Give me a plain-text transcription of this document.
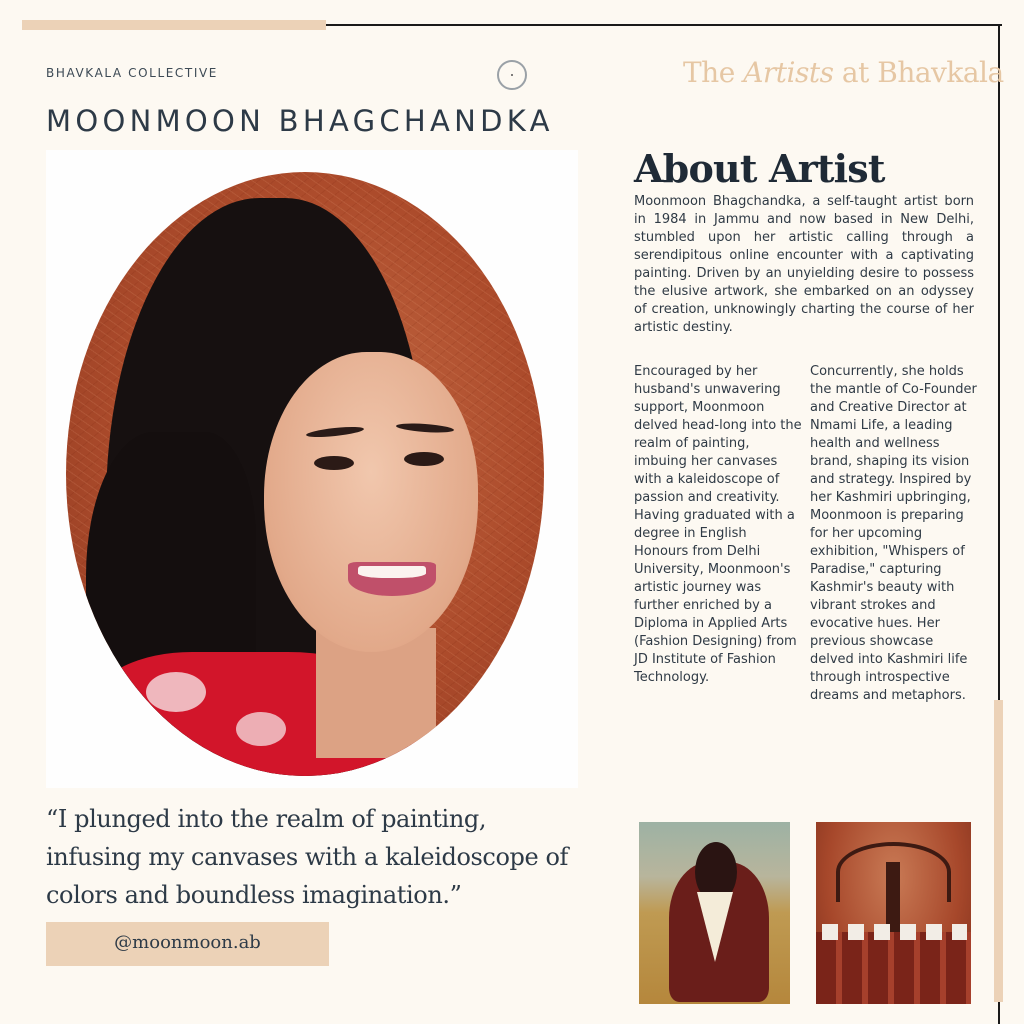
BHAVKALA COLLECTIVE	The Artists at Bhavkala
MOONMOON BHAGCHANDKA

“I plunged into the realm of painting, infusing my canvases with a kaleidoscope of colors and boundless imagination.”

@moonmoon.ab
About Artist

Moonmoon Bhagchandka, a self-taught artist born in 1984 in Jammu and now based in New Delhi, stumbled upon her artistic calling through a serendipitous online encounter with a captivating painting. Driven by an unyielding desire to possess the elusive artwork, she embarked on an odyssey of creation, unknowingly charting the course of her artistic destiny.

Encouraged by her husband's unwavering support, Moonmoon delved head-long into the realm of painting, imbuing her canvases with a kaleidoscope of passion and creativity. Having graduated with a degree in English Honours from Delhi University, Moonmoon's artistic journey was further enriched by a Diploma in Applied Arts (Fashion Designing) from JD Institute of Fashion Technology.

Concurrently, she holds the mantle of Co-Founder and Creative Director at Nmami Life, a leading health and wellness brand, shaping its vision and strategy. Inspired by her Kashmiri upbringing, Moonmoon is preparing for her upcoming exhibition, "Whispers of Paradise," capturing Kashmir's beauty with vibrant strokes and evocative hues. Her previous showcase delved into Kashmiri life through introspective dreams and metaphors.
